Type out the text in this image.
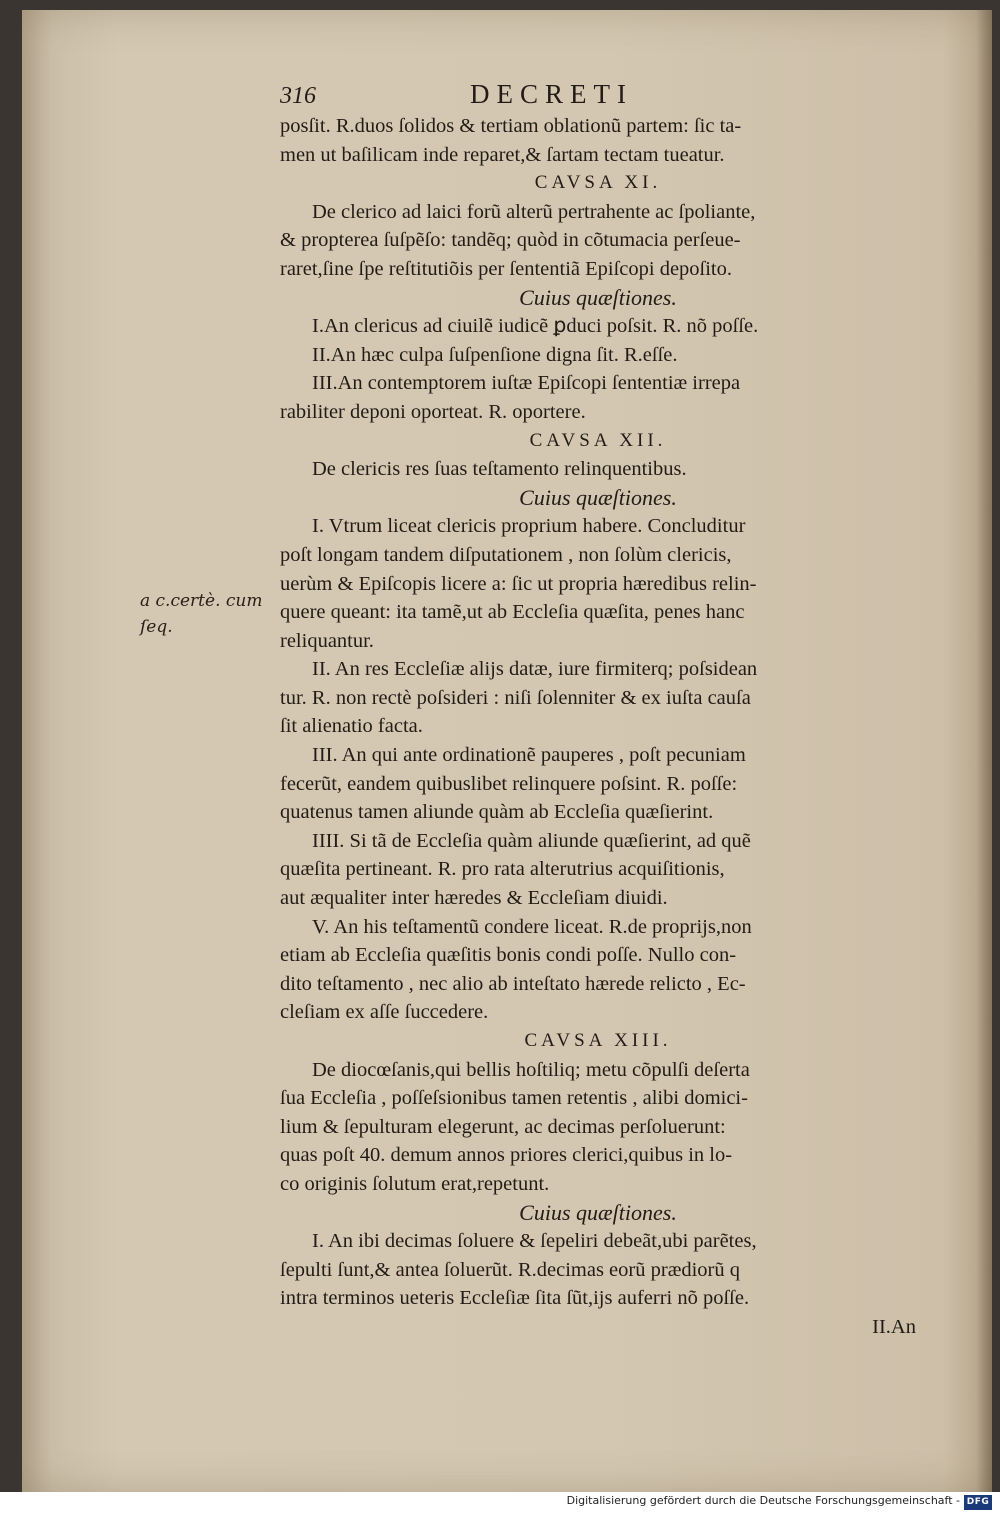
316	DECRETI
posſit. R.duos ſolidos & tertiam oblationũ partem: ſic ta-
men ut baſilicam inde reparet,& ſartam tectam tueatur.
CAVSA XI.
De clerico ad laici forũ alterũ pertrahente ac ſpoliante,
& propterea ſuſpẽſo: tandẽq; quòd in cõtumacia perſeue-
raret,ſine ſpe reſtitutiõis per ſententiã Epiſcopi depoſito.
Cuius quæſtiones.
I.An clericus ad ciuilẽ iudicẽ ꝑduci poſsit. R. nõ poſſe.
II.An hæc culpa ſuſpenſione digna ſit. R.eſſe.
III.An contemptorem iuſtæ Epiſcopi ſententiæ irrepa
rabiliter deponi oporteat. R. oportere.
CAVSA XII.
De clericis res ſuas teſtamento relinquentibus.
Cuius quæſtiones.
I. Vtrum liceat clericis proprium habere. Concluditur
poſt longam tandem diſputationem , non ſolùm clericis,
uerùm & Epiſcopis licere a: ſic ut propria hæredibus relin-
quere queant: ita tamẽ,ut ab Eccleſia quæſita, penes hanc
reliquantur.
II. An res Eccleſiæ alijs datæ, iure firmiterq; poſsidean
tur. R. non rectè poſsideri : niſi ſolenniter & ex iuſta cauſa
ſit alienatio facta.
III. An qui ante ordinationẽ pauperes , poſt pecuniam
fecerũt, eandem quibuslibet relinquere poſsint. R. poſſe:
quatenus tamen aliunde quàm ab Eccleſia quæſierint.
IIII. Si tã de Eccleſia quàm aliunde quæſierint, ad quẽ
quæſita pertineant. R. pro rata alterutrius acquiſitionis,
aut æqualiter inter hæredes & Eccleſiam diuidi.
V. An his teſtamentũ condere liceat. R.de proprijs,non
etiam ab Eccleſia quæſitis bonis condi poſſe. Nullo con-
dito teſtamento , nec alio ab inteſtato hærede relicto , Ec-
cleſiam ex aſſe ſuccedere.
CAVSA XIII.
De diocœſanis,qui bellis hoſtiliq; metu cõpulſi deſerta
ſua Eccleſia , poſſeſsionibus tamen retentis , alibi domici-
lium & ſepulturam elegerunt, ac decimas perſoluerunt:
quas poſt 40. demum annos priores clerici,quibus in lo-
co originis ſolutum erat,repetunt.
Cuius quæſtiones.
I. An ibi decimas ſoluere & ſepeliri debeãt,ubi parẽtes,
ſepulti ſunt,& antea ſoluerũt. R.decimas eorũ prædiorũ q
intra terminos ueteris Eccleſiæ ſita ſũt,ijs auferri nõ poſſe.
II.An
a c.certè. cum
ſeq.
Digitalisierung gefördert durch die Deutsche Forschungsgemeinschaft - DFG
